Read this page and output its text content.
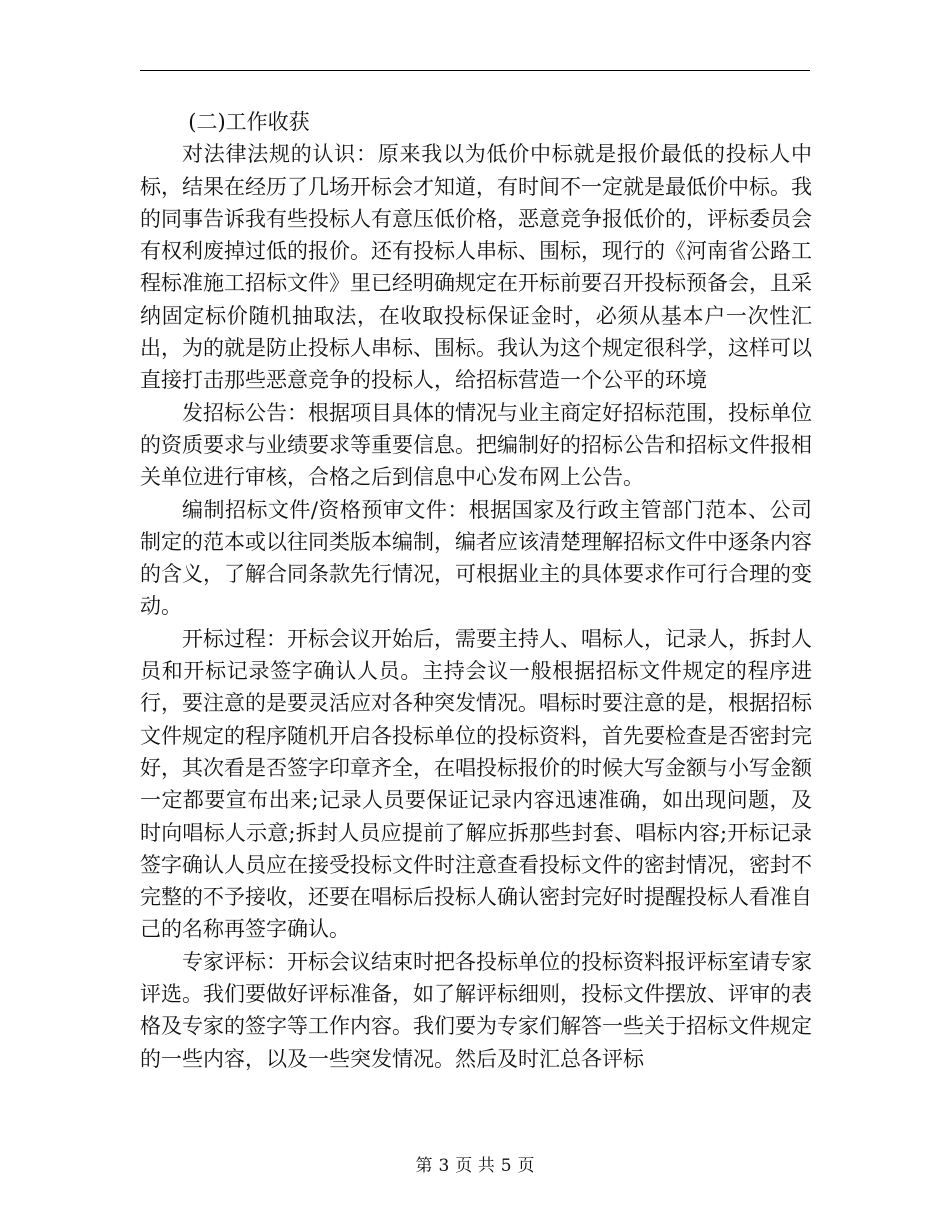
(二)工作收获

对法律法规的认识：原来我以为低价中标就是报价最低的投标人中标，结果在经历了几场开标会才知道，有时间不一定就是最低价中标。我的同事告诉我有些投标人有意压低价格，恶意竞争报低价的，评标委员会有权利废掉过低的报价。还有投标人串标、围标，现行的《河南省公路工程标准施工招标文件》里已经明确规定在开标前要召开投标预备会，且采纳固定标价随机抽取法，在收取投标保证金时，必须从基本户一次性汇出，为的就是防止投标人串标、围标。我认为这个规定很科学，这样可以直接打击那些恶意竞争的投标人，给招标营造一个公平的环境

发招标公告：根据项目具体的情况与业主商定好招标范围，投标单位的资质要求与业绩要求等重要信息。把编制好的招标公告和招标文件报相关单位进行审核，合格之后到信息中心发布网上公告。

编制招标文件/资格预审文件：根据国家及行政主管部门范本、公司制定的范本或以往同类版本编制，编者应该清楚理解招标文件中逐条内容的含义，了解合同条款先行情况，可根据业主的具体要求作可行合理的变动。

开标过程：开标会议开始后，需要主持人、唱标人，记录人，拆封人员和开标记录签字确认人员。主持会议一般根据招标文件规定的程序进行，要注意的是要灵活应对各种突发情况。唱标时要注意的是，根据招标文件规定的程序随机开启各投标单位的投标资料，首先要检查是否密封完好，其次看是否签字印章齐全，在唱投标报价的时候大写金额与小写金额一定都要宣布出来;记录人员要保证记录内容迅速准确，如出现问题，及时向唱标人示意;拆封人员应提前了解应拆那些封套、唱标内容;开标记录签字确认人员应在接受投标文件时注意查看投标文件的密封情况，密封不完整的不予接收，还要在唱标后投标人确认密封完好时提醒投标人看准自己的名称再签字确认。

专家评标：开标会议结束时把各投标单位的投标资料报评标室请专家评选。我们要做好评标准备，如了解评标细则，投标文件摆放、评审的表格及专家的签字等工作内容。我们要为专家们解答一些关于招标文件规定的一些内容，以及一些突发情况。然后及时汇总各评标

第 3 页 共 5 页
